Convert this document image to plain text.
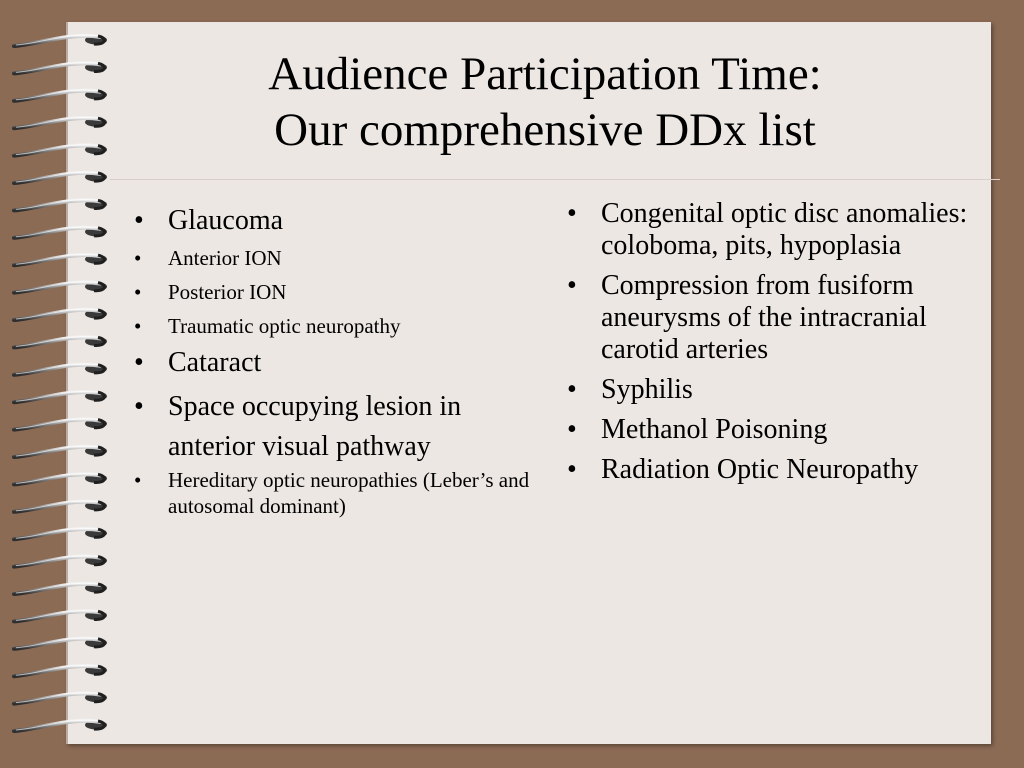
Audience Participation Time:
Our comprehensive DDx list
• Glaucoma
• Anterior ION
• Posterior ION
• Traumatic optic neuropathy
• Cataract
• Space occupying lesion in anterior visual pathway
• Hereditary optic neuropathies (Leber’s and autosomal dominant)
• Congenital optic disc anomalies: coloboma, pits, hypoplasia
• Compression from fusiform aneurysms of the intracranial carotid arteries
• Syphilis
• Methanol Poisoning
• Radiation Optic Neuropathy
